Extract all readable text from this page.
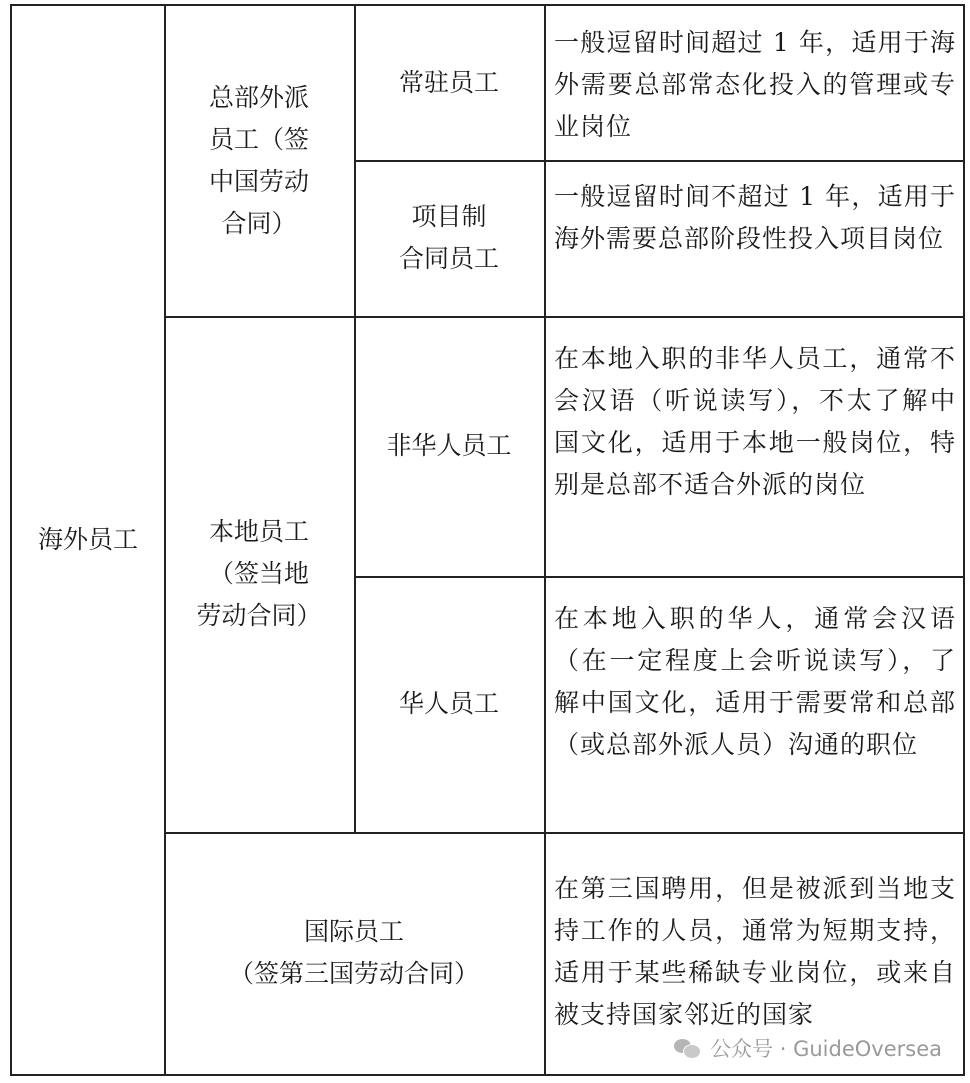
海外员工
总部外派
员工（签
中国劳动
合同）
常驻员工
一般逗留时间超过 1 年，适用于海外需要总部常态化投入的管理或专业岗位
项目制
合同员工
一般逗留时间不超过 1 年，适用于海外需要总部阶段性投入项目岗位
本地员工
（签当地
劳动合同）
非华人员工
在本地入职的非华人员工，通常不会汉语（听说读写），不太了解中国文化，适用于本地一般岗位，特别是总部不适合外派的岗位
华人员工
在本地入职的华人，通常会汉语（在一定程度上会听说读写），了解中国文化，适用于需要常和总部（或总部外派人员）沟通的职位
国际员工
（签第三国劳动合同）
在第三国聘用，但是被派到当地支持工作的人员，通常为短期支持，适用于某些稀缺专业岗位，或来自被支持国家邻近的国家
公众号 · GuideOversea
